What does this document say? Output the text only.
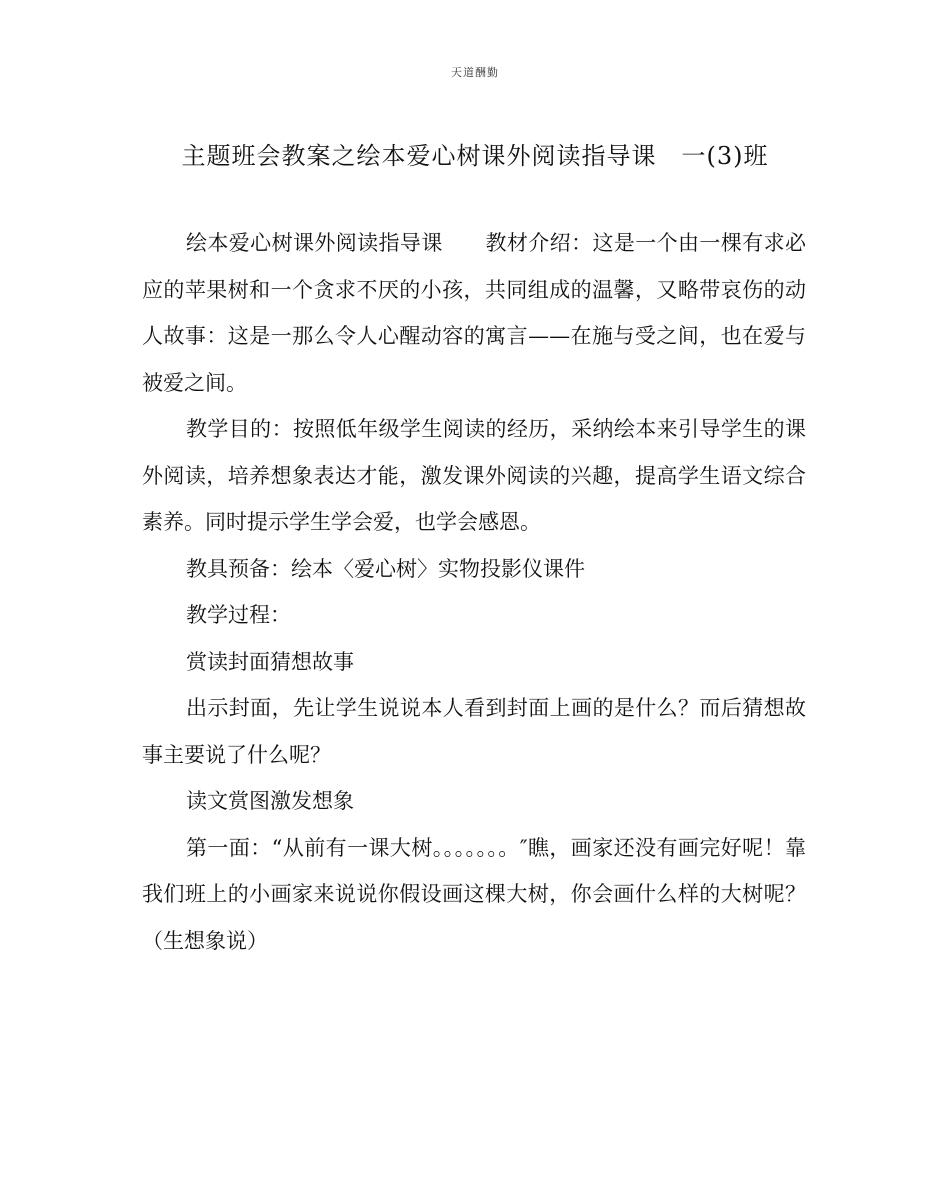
天道酬勤
主题班会教案之绘本爱心树课外阅读指导课　一(3)班

绘本爱心树课外阅读指导课　　教材介绍：这是一个由一棵有求必应的苹果树和一个贪求不厌的小孩，共同组成的温馨，又略带哀伤的动人故事：这是一那么令人心醒动容的寓言——在施与受之间，也在爱与被爱之间。

教学目的：按照低年级学生阅读的经历，采纳绘本来引导学生的课外阅读，培养想象表达才能，激发课外阅读的兴趣，提高学生语文综合素养。同时提示学生学会爱，也学会感恩。

教具预备：绘本〈爱心树〉实物投影仪课件

教学过程：

赏读封面猜想故事

出示封面，先让学生说说本人看到封面上画的是什么？而后猜想故事主要说了什么呢？

读文赏图激发想象

第一面：“从前有一课大树。。。。。。。″瞧，画家还没有画完好呢！靠我们班上的小画家来说说你假设画这棵大树，你会画什么样的大树呢？（生想象说）
